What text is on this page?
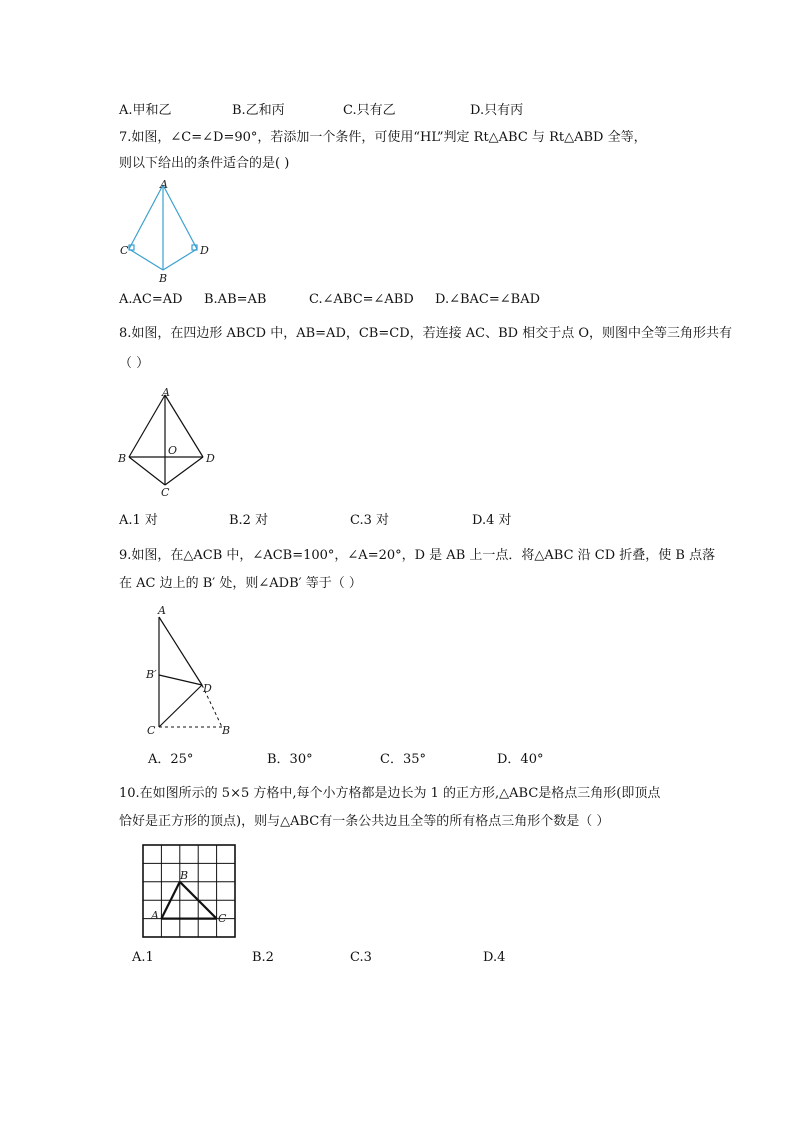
A.甲和乙	B.乙和丙	C.只有乙	D.只有丙
7.如图，∠C=∠D=90°，若添加一个条件，可使用“HL”判定 Rt△ABC 与 Rt△ABD 全等，
则以下给出的条件适合的是( )
A
C	D
B
A.AC=AD B.AB=AB	C.∠ABC=∠ABD D.∠BAC=∠BAD
8.如图，在四边形 ABCD 中，AB=AD，CB=CD，若连接 AC、BD 相交于点 O，则图中全等三角形共有
（ ）
A
B	D
O
C
A.1 对	B.2 对	C.3 对	D.4 对
9.如图，在△ACB 中，∠ACB=100°，∠A=20°，D 是 AB 上一点．将△ABC 沿 CD 折叠，使 B 点落
在 AC 边上的 B′ 处，则∠ADB′ 等于（ ）
A
B′
D
C	B
A．25°	B．30°	C．35°	D．40°
10.在如图所示的 5×5 方格中,每个小方格都是边长为 1 的正方形,△ABC是格点三角形(即顶点
恰好是正方形的顶点)，则与△ABC有一条公共边且全等的所有格点三角形个数是（ ）
A
B
C
A.1	B.2	C.3	D.4
